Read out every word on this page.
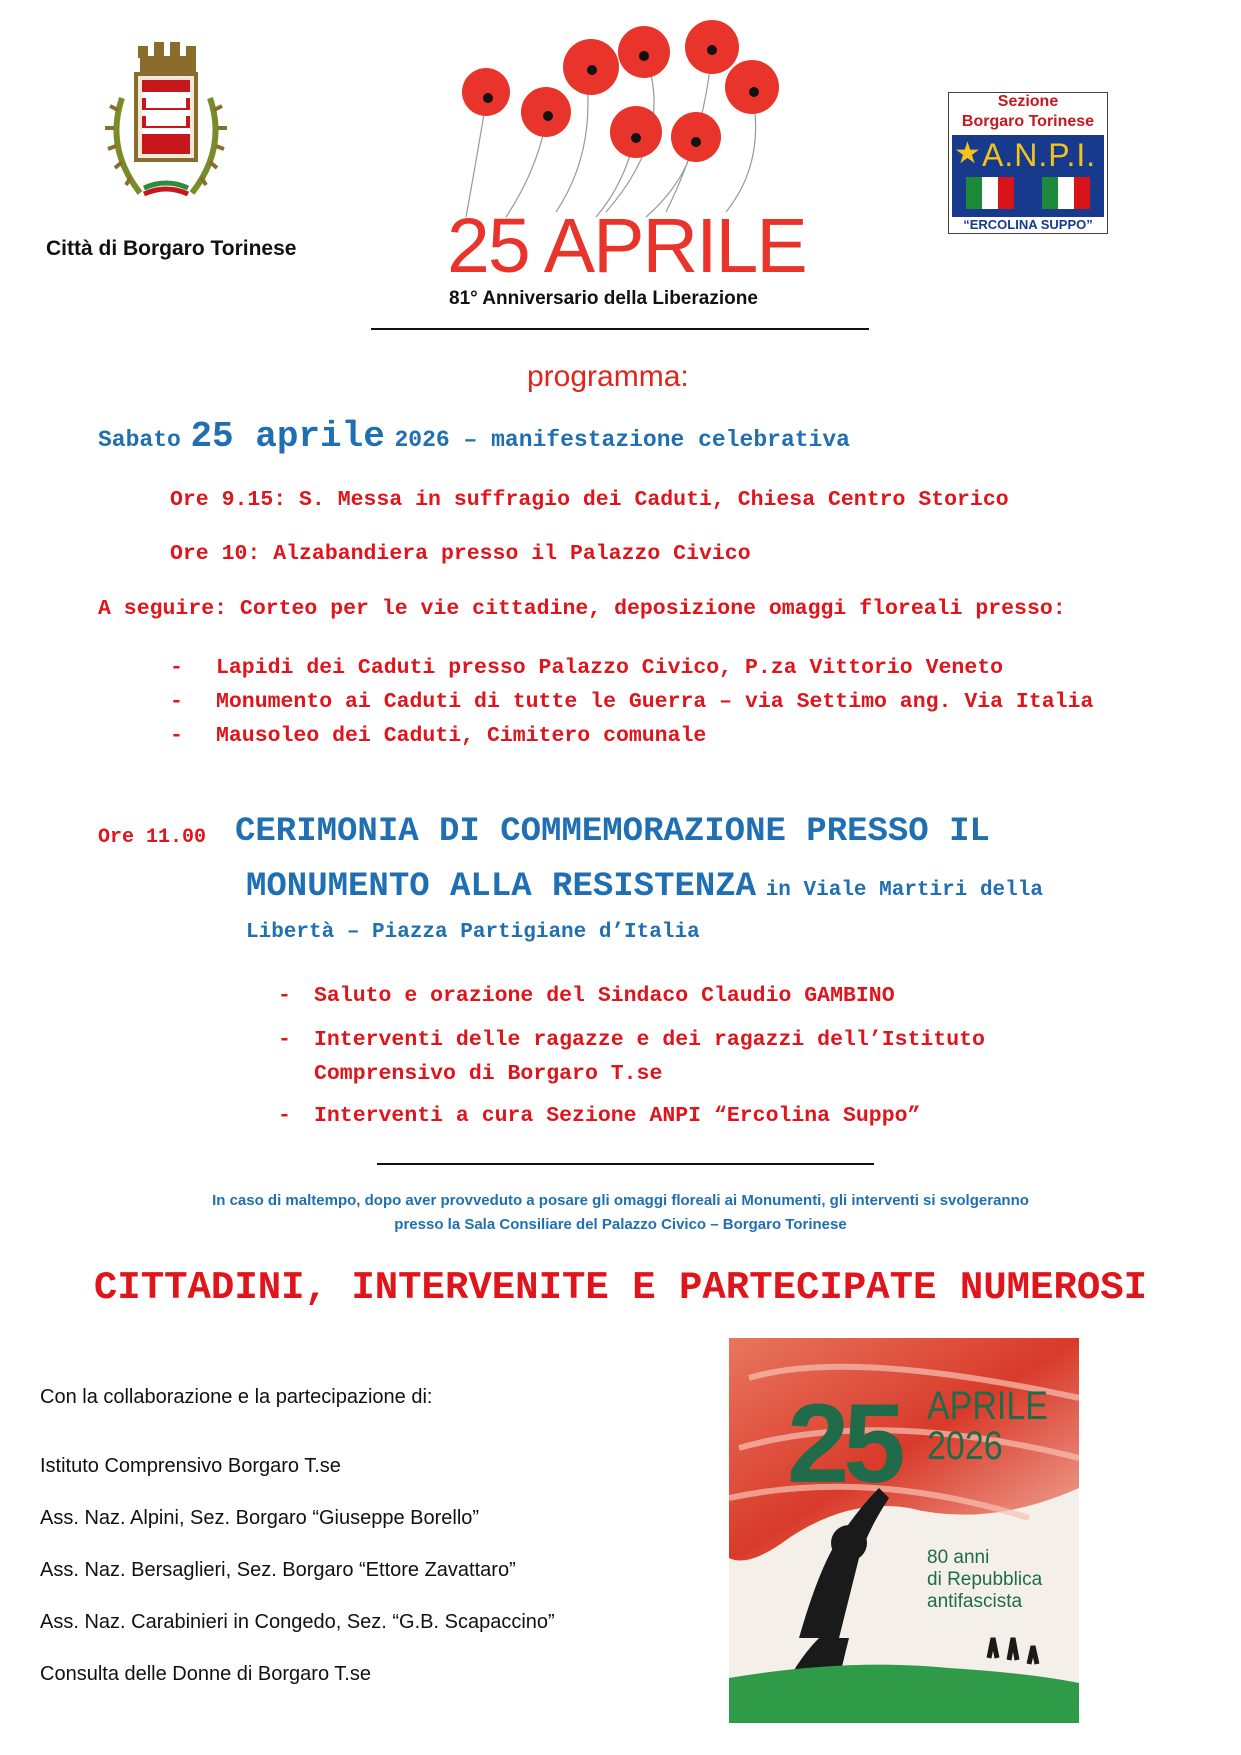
Città di Borgaro Torinese 25 APRILE
81° Anniversario della Liberazione
Sezione
Borgaro Torinese
★ A.N.P.I.
“ERCOLINA SUPPO”
programma:
Sabato 25 aprile 2026 – manifestazione celebrativa
Ore 9.15: S. Messa in suffragio dei Caduti, Chiesa Centro Storico
Ore 10: Alzabandiera presso il Palazzo Civico
A seguire: Corteo per le vie cittadine, deposizione omaggi floreali presso:
- Lapidi dei Caduti presso Palazzo Civico, P.za Vittorio Veneto
- Monumento ai Caduti di tutte le Guerra – via Settimo ang. Via Italia
- Mausoleo dei Caduti, Cimitero comunale
Ore 11.00 CERIMONIA DI COMMEMORAZIONE PRESSO IL
MONUMENTO ALLA RESISTENZA in Viale Martiri della
Libertà – Piazza Partigiane d’Italia
- Saluto e orazione del Sindaco Claudio GAMBINO
- Interventi delle ragazze e dei ragazzi dell’Istituto
Comprensivo di Borgaro T.se
- Interventi a cura Sezione ANPI “Ercolina Suppo”
In caso di maltempo, dopo aver provveduto a posare gli omaggi floreali ai Monumenti, gli interventi si svolgeranno
presso la Sala Consiliare del Palazzo Civico – Borgaro Torinese
CITTADINI, INTERVENITE E PARTECIPATE NUMEROSI
Con la collaborazione e la partecipazione di:
Istituto Comprensivo Borgaro T.se
Ass. Naz. Alpini, Sez. Borgaro “Giuseppe Borello”
Ass. Naz. Bersaglieri, Sez. Borgaro “Ettore Zavattaro”
Ass. Naz. Carabinieri in Congedo, Sez. “G.B. Scapaccino”
Consulta delle Donne di Borgaro T.se
25 APRILE
2026
80 anni
di Repubblica
antifascista
